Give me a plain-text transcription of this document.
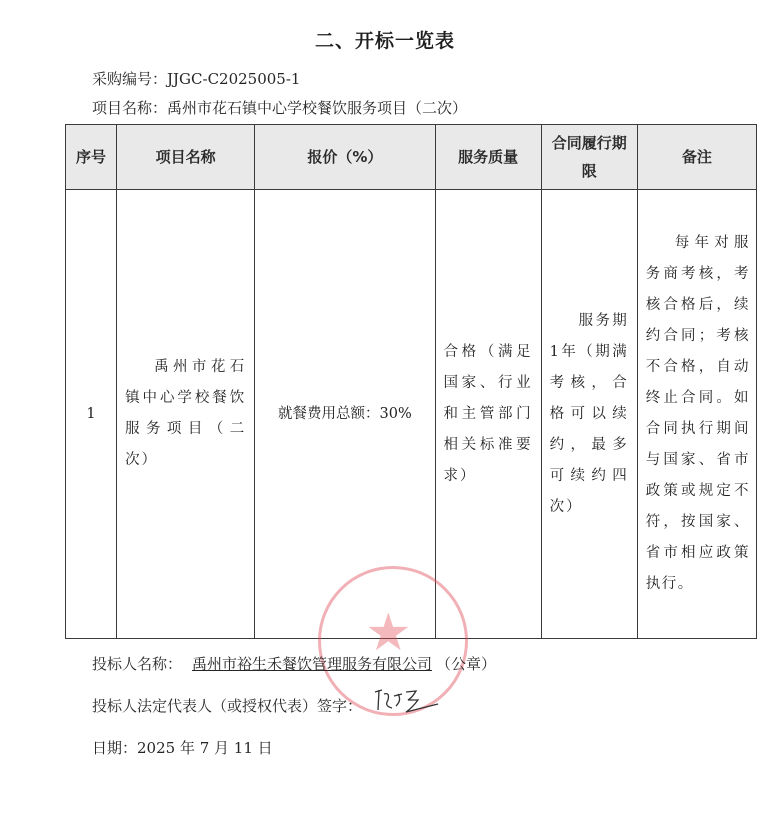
二、开标一览表
采购编号：JJGC-C2025005-1
项目名称：禹州市花石镇中心学校餐饮服务项目（二次）
序号	项目名称	报价（%）	服务质量	合同履行期限	备注
1	禹州市花石镇中心学校餐饮服务项目（二次）	就餐费用总额：30%	合格（满足国家、行业和主管部门相关标准要求）	服务期1年（期满考核，合格可以续约，最多可续约四次）	每年对服务商考核，考核合格后，续约合同；考核不合格，自动终止合同。如合同执行期间与国家、省市政策或规定不符，按国家、省市相应政策执行。
★
投标人名称： 禹州市裕生禾餐饮管理服务有限公司 （公章）
投标人法定代表人（或授权代表）签字：
日期：2025 年 7 月 11 日
